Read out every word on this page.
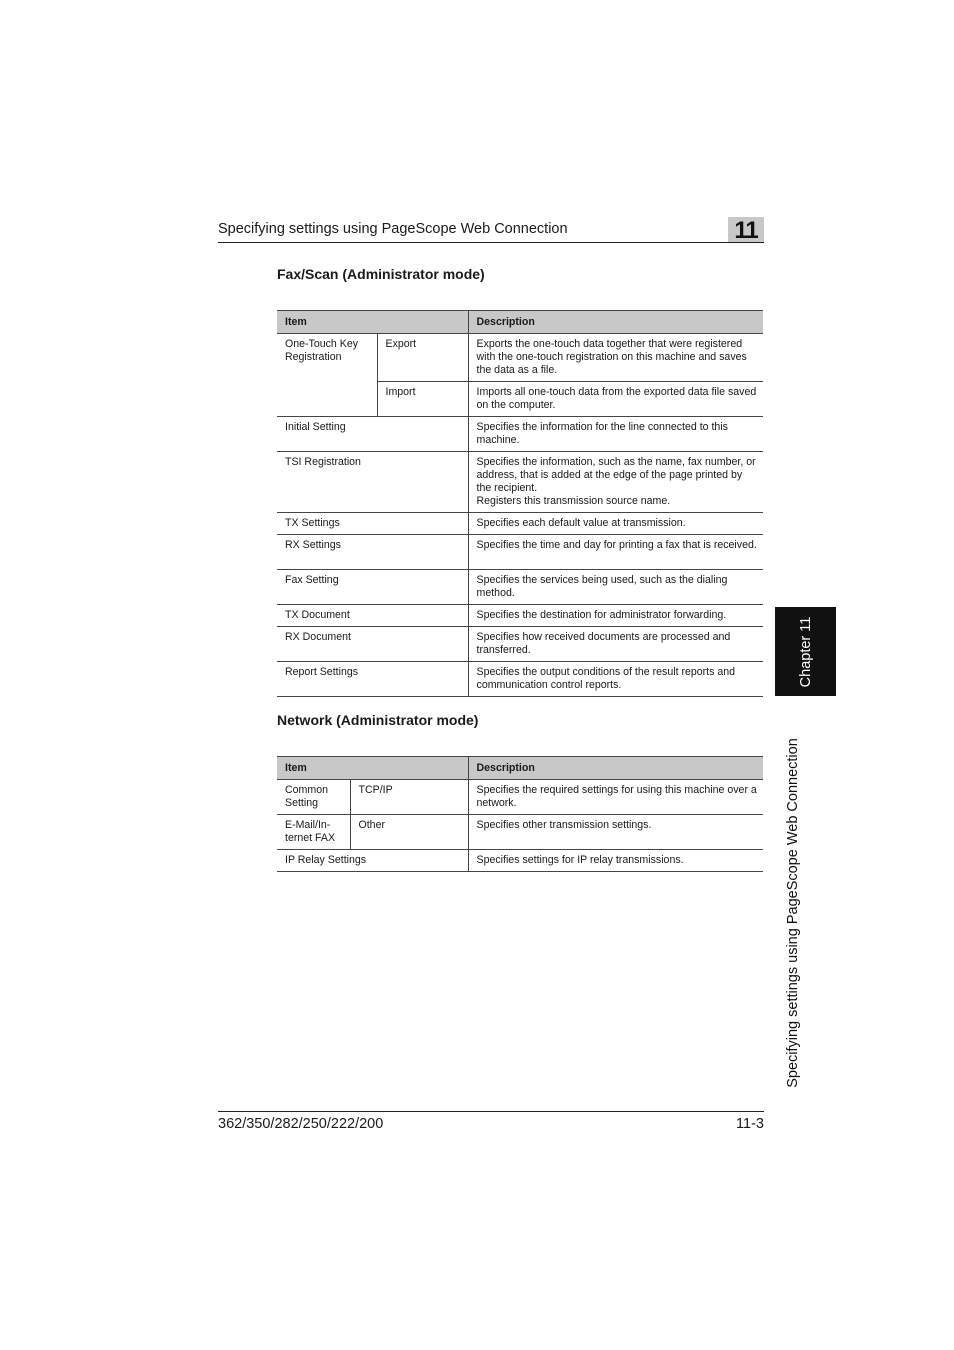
Specifying settings using PageScope Web Connection	11
Fax/Scan (Administrator mode)
Item		Description
One-Touch Key Registration	Export	Exports the one-touch data together that were registered with the one-touch registration on this machine and saves the data as a file.
	Import	Imports all one-touch data from the exported data file saved on the computer.
Initial Setting		Specifies the information for the line connected to this machine.
TSI Registration		Specifies the information, such as the name, fax number, or address, that is added at the edge of the page printed by the recipient.
Registers this transmission source name.

TX Settings		Specifies each default value at transmission.
RX Settings		Specifies the time and day for printing a fax that is received.
Fax Setting		Specifies the services being used, such as the dialing method.
TX Document		Specifies the destination for administrator forwarding.
RX Document		Specifies how received documents are processed and transferred.
Report Settings		Specifies the output conditions of the result reports and communication control reports.
Network (Administrator mode)
Item		Description
Common Setting	TCP/IP	Specifies the required settings for using this machine over a network.
E-Mail/In-ternet FAX	Other	Specifies other transmission settings.
IP Relay Settings		Specifies settings for IP relay transmissions.
Chapter 11
Specifying settings using PageScope Web Connection
362/350/282/250/222/200	11-3
